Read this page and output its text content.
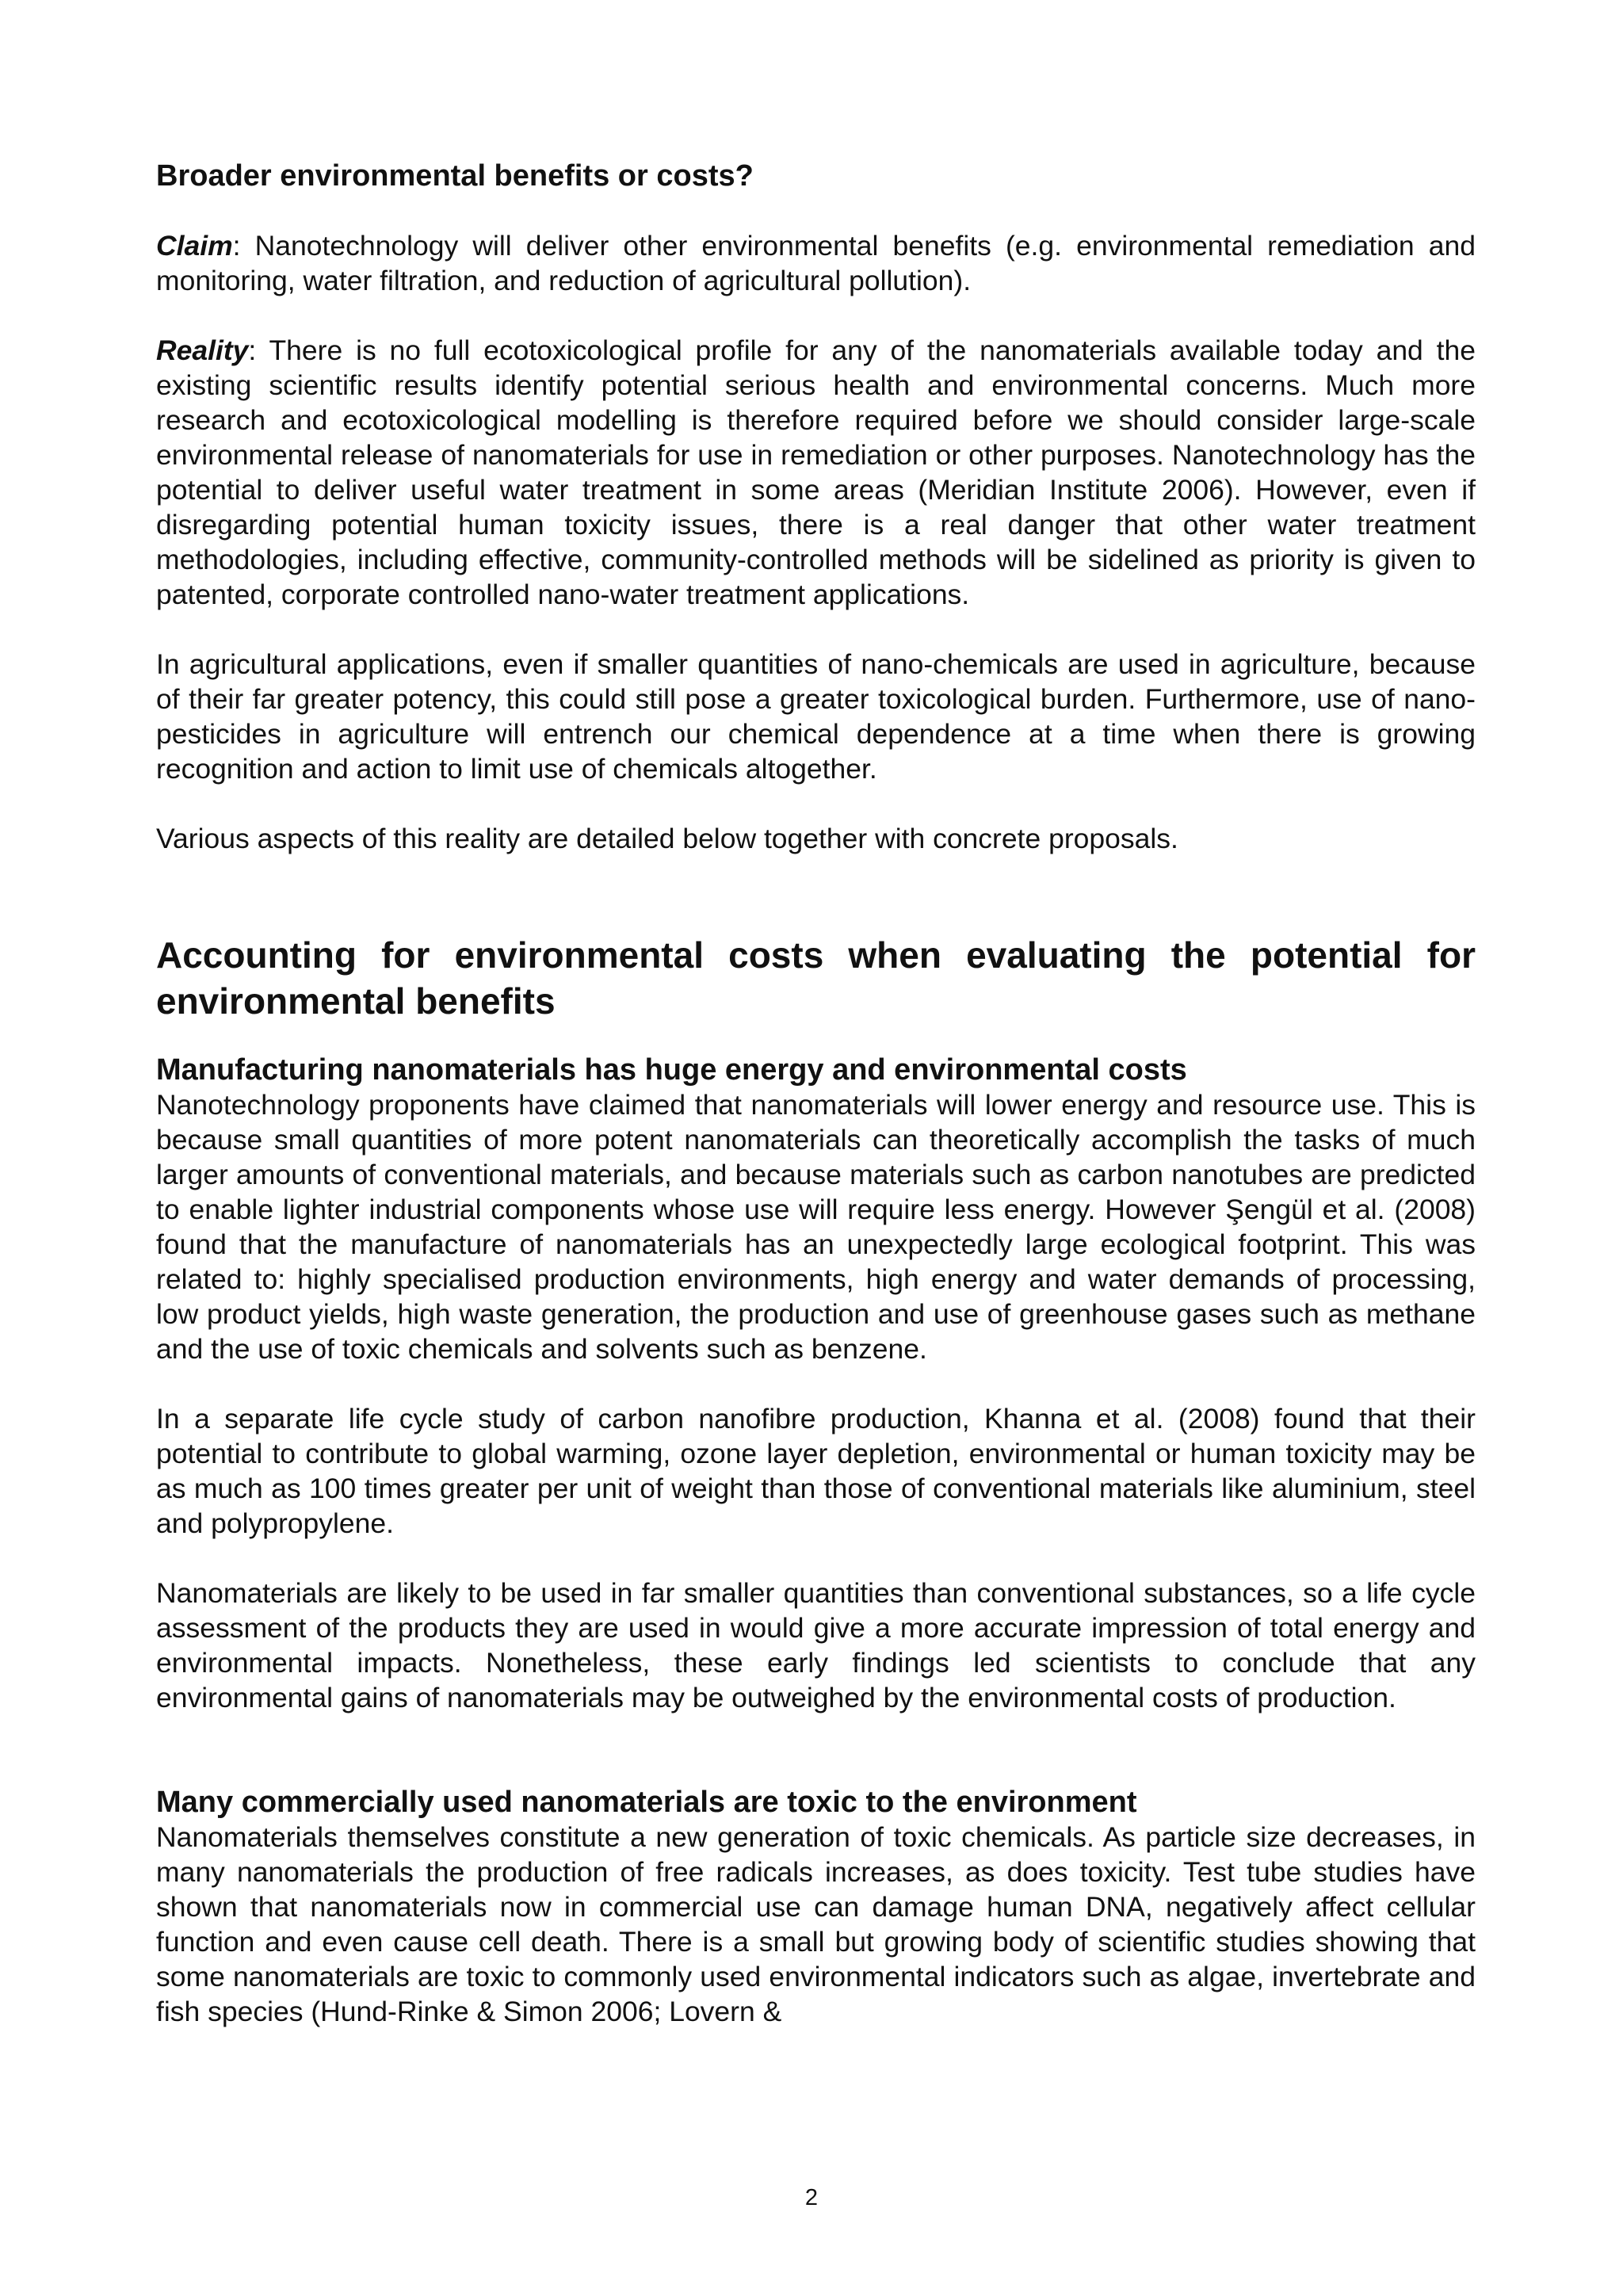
Broader environmental benefits or costs?

Claim: Nanotechnology will deliver other environmental benefits (e.g. environmental remediation and monitoring, water filtration, and reduction of agricultural pollution).

Reality: There is no full ecotoxicological profile for any of the nanomaterials available today and the existing scientific results identify potential serious health and environmental concerns. Much more research and ecotoxicological modelling is therefore required before we should consider large-scale environmental release of nanomaterials for use in remediation or other purposes. Nanotechnology has the potential to deliver useful water treatment in some areas (Meridian Institute 2006). However, even if disregarding potential human toxicity issues, there is a real danger that other water treatment methodologies, including effective, community-controlled methods will be sidelined as priority is given to patented, corporate controlled nano-water treatment applications.

In agricultural applications, even if smaller quantities of nano-chemicals are used in agriculture, because of their far greater potency, this could still pose a greater toxicological burden. Furthermore, use of nano-pesticides in agriculture will entrench our chemical dependence at a time when there is growing recognition and action to limit use of chemicals altogether.

Various aspects of this reality are detailed below together with concrete proposals.

Accounting for environmental costs when evaluating the potential for environmental benefits
Manufacturing nanomaterials has huge energy and environmental costs

Nanotechnology proponents have claimed that nanomaterials will lower energy and resource use. This is because small quantities of more potent nanomaterials can theoretically accomplish the tasks of much larger amounts of conventional materials, and because materials such as carbon nanotubes are predicted to enable lighter industrial components whose use will require less energy. However Şengül et al. (2008) found that the manufacture of nanomaterials has an unexpectedly large ecological footprint. This was related to: highly specialised production environments, high energy and water demands of processing, low product yields, high waste generation, the production and use of greenhouse gases such as methane and the use of toxic chemicals and solvents such as benzene.

In a separate life cycle study of carbon nanofibre production, Khanna et al. (2008) found that their potential to contribute to global warming, ozone layer depletion, environmental or human toxicity may be as much as 100 times greater per unit of weight than those of conventional materials like aluminium, steel and polypropylene.

Nanomaterials are likely to be used in far smaller quantities than conventional substances, so a life cycle assessment of the products they are used in would give a more accurate impression of total energy and environmental impacts. Nonetheless, these early findings led scientists to conclude that any environmental gains of nanomaterials may be outweighed by the environmental costs of production.

Many commercially used nanomaterials are toxic to the environment

Nanomaterials themselves constitute a new generation of toxic chemicals. As particle size decreases, in many nanomaterials the production of free radicals increases, as does toxicity. Test tube studies have shown that nanomaterials now in commercial use can damage human DNA, negatively affect cellular function and even cause cell death. There is a small but growing body of scientific studies showing that some nanomaterials are toxic to commonly used environmental indicators such as algae, invertebrate and fish species (Hund-Rinke & Simon 2006; Lovern &

2
